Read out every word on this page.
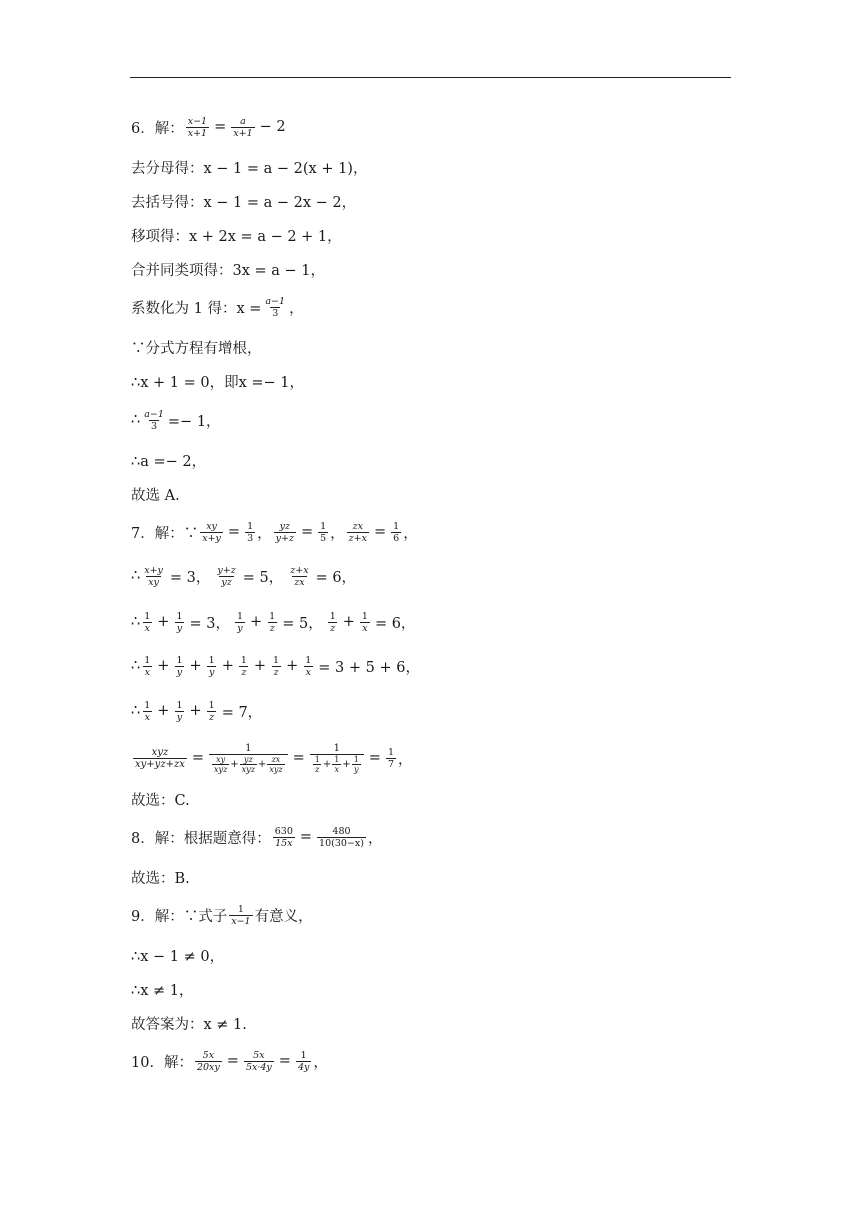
6．解： $\frac{x-1}{x+1} = \frac{a}{x+1} - 2$
去分母得：x − 1 = a − 2(x + 1)，
去括号得：x − 1 = a − 2x − 2，
移项得：x + 2x = a − 2 + 1，
合并同类项得：3x = a − 1，
系数化为 1 得：$x = \frac{a-1}{3}$ ，
∵分式方程有增根，
∴x + 1 = 0，即x =− 1，
∴ $\frac{a-1}{3} =- 1$，
∴a =− 2，
故选 A.
7．解：∵ $\frac{xy}{x+y} = \frac{1}{3}$ ， $\frac{yz}{y+z} = \frac{1}{5}$ ， $\frac{zx}{z+x} = \frac{1}{6}$ ，
∴ $\frac{x+y}{xy} = 3$， $\frac{y+z}{yz} = 5$， $\frac{z+x}{zx} = 6$，
∴ $\frac{1}{x} + \frac{1}{y} = 3$， $\frac{1}{y} + \frac{1}{z} = 5$， $\frac{1}{z} + \frac{1}{x} = 6$，
∴ $\frac{1}{x} + \frac{1}{y} + \frac{1}{y} + \frac{1}{z} + \frac{1}{z} + \frac{1}{x} = 3 + 5 + 6$，
∴ $\frac{1}{x} + \frac{1}{y} + \frac{1}{z} = 7$，
$\frac{\text{xyz}}{xy+yz+zx} = \frac{1}{\frac{xy}{\text{xyz}} + \frac{yz}{\text{xyz}} + \frac{zx}{\text{xyz}}} = \frac{1}{\frac{1}{z} + \frac{1}{x} + \frac{1}{y}} = \frac{1}{7}$ ，
故选：C.
8．解：根据题意得： $\frac{630}{15x} = \frac{480}{10(30-x)}$ ，
故选：B.
9．解：∵式子 $\frac{1}{x-1}$ 有意义，
∴x − 1 ≠ 0，
∴x ≠ 1，
故答案为：x ≠ 1.
10．解： $\frac{5x}{20xy} = \frac{5x}{5x\cdot 4y} = \frac{1}{4y}$ ，
